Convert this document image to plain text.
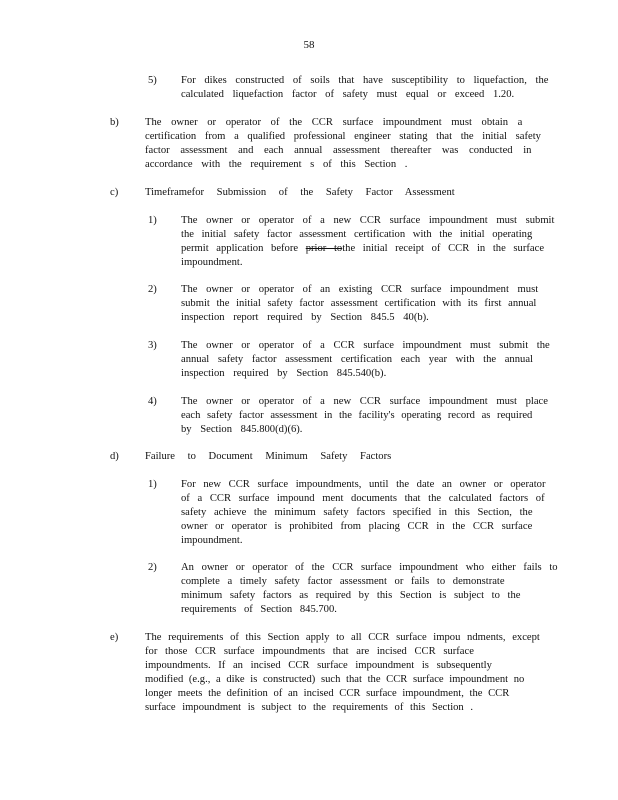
58
5) For dikes constructed of soils that have susceptibility to liquefaction, the
calculated liquefaction factor of safety must equal or exceed 1.20.
b) The owner or operator of the CCR surface impoundment must obtain a
certification from a qualified professional engineer stating that the initial safety
factor assessment and each annual assessment thereafter was conducted in
accordance with the requirement s of this Section .
c)	Timeframefor Submission of the Safety Factor Assessment
1) The owner or operator of a new CCR surface impoundment must submit
the initial safety factor assessment certification with the initial operating
permit application before prior tothe initial receipt of CCR in the surface
impoundment.
2) The owner or operator of an existing CCR surface impoundment must
submit the initial safety factor assessment certification with its first annual
inspection report required by Section 845.5 40(b).
3) The owner or operator of a CCR surface impoundment must submit the
annual safety factor assessment certification each year with the annual
inspection required by Section 845.540(b).
4) The owner or operator of a new CCR surface impoundment must place
each safety factor assessment in the facility's operating record as required
by Section 845.800(d)(6).
d) Failure to Document Minimum Safety Factors
1) For new CCR surface impoundments, until the date an owner or operator
of a CCR surface impound ment documents that the calculated factors of
safety achieve the minimum safety factors specified in this Section, the
owner or operator is prohibited from placing CCR in the CCR surface
impoundment.
2) An owner or operator of the CCR surface impoundment who either fails to
complete a timely safety factor assessment or fails to demonstrate
minimum safety factors as required by this Section is subject to the
requirements of Section 845.700.
e)	The requirements of this Section apply to all CCR surface impou ndments, except
for those CCR surface impoundments that are incised CCR surface
impoundments. If an incised CCR surface impoundment is subsequently
modified (e.g., a dike is constructed) such that the CCR surface impoundment no
longer meets the definition of an incised CCR surface impoundment, the CCR
surface impoundment is subject to the requirements of this Section .
